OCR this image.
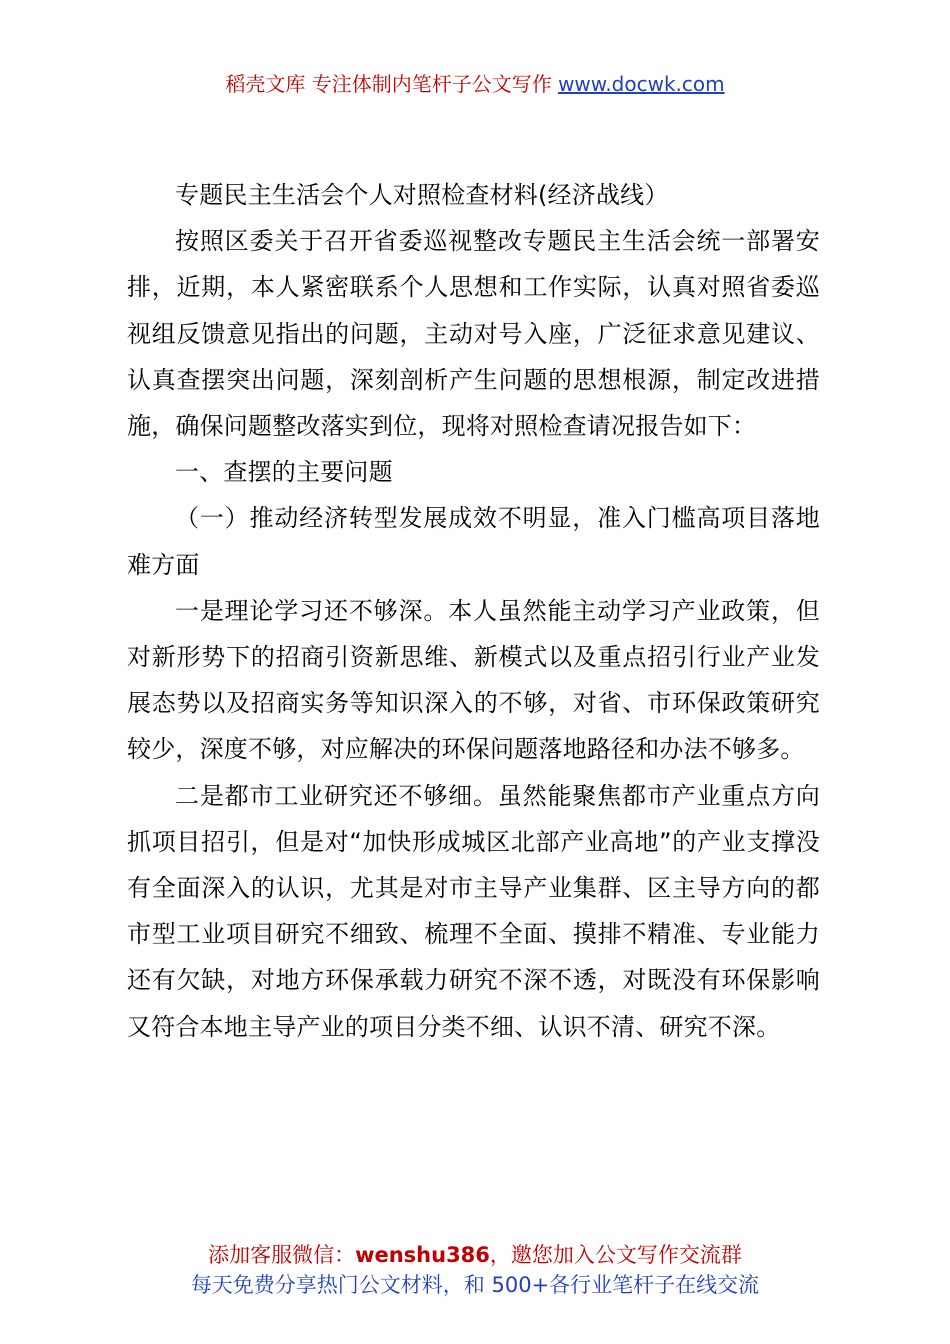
稻壳文库 专注体制内笔杆子公文写作 www.docwk.com

专题民主生活会个人对照检查材料(经济战线）

按照区委关于召开省委巡视整改专题民主生活会统一部署安排，近期，本人紧密联系个人思想和工作实际，认真对照省委巡视组反馈意见指出的问题，主动对号入座，广泛征求意见建议、认真查摆突出问题，深刻剖析产生问题的思想根源，制定改进措施，确保问题整改落实到位，现将对照检查请况报告如下：

一、查摆的主要问题

（一）推动经济转型发展成效不明显，准入门槛高项目落地难方面

一是理论学习还不够深。本人虽然能主动学习产业政策，但对新形势下的招商引资新思维、新模式以及重点招引行业产业发展态势以及招商实务等知识深入的不够，对省、市环保政策研究较少，深度不够，对应解决的环保问题落地路径和办法不够多。

二是都市工业研究还不够细。虽然能聚焦都市产业重点方向抓项目招引，但是对“加快形成城区北部产业高地”的产业支撑没有全面深入的认识，尤其是对市主导产业集群、区主导方向的都市型工业项目研究不细致、梳理不全面、摸排不精准、专业能力还有欠缺，对地方环保承载力研究不深不透，对既没有环保影响又符合本地主导产业的项目分类不细、认识不清、研究不深。

添加客服微信：wenshu386，邀您加入公文写作交流群
每天免费分享热门公文材料，和 500+各行业笔杆子在线交流
